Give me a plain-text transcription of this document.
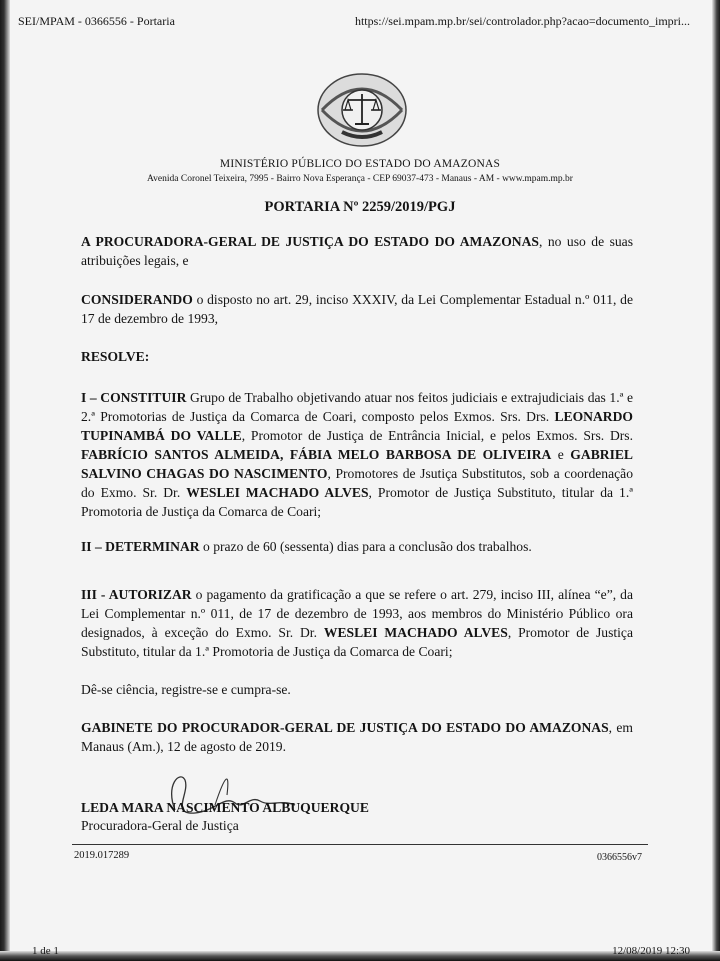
SEI/MPAM - 0366556 - Portaria	https://sei.mpam.mp.br/sei/controlador.php?acao=documento_impri...
MINISTÉRIO PÚBLICO DO ESTADO DO AMAZONAS
Avenida Coronel Teixeira, 7995 - Bairro Nova Esperança - CEP 69037-473 - Manaus - AM - www.mpam.mp.br
PORTARIA Nº 2259/2019/PGJ
A PROCURADORA-GERAL DE JUSTIÇA DO ESTADO DO AMAZONAS, no uso de suas atribuições legais, e
CONSIDERANDO o disposto no art. 29, inciso XXXIV, da Lei Complementar Estadual n.º 011, de 17 de dezembro de 1993,
RESOLVE:
I – CONSTITUIR Grupo de Trabalho objetivando atuar nos feitos judiciais e extrajudiciais das 1.ª e 2.ª Promotorias de Justiça da Comarca de Coari, composto pelos Exmos. Srs. Drs. LEONARDO TUPINAMBÁ DO VALLE, Promotor de Justiça de Entrância Inicial, e pelos Exmos. Srs. Drs. FABRÍCIO SANTOS ALMEIDA, FÁBIA MELO BARBOSA DE OLIVEIRA e GABRIEL SALVINO CHAGAS DO NASCIMENTO, Promotores de Jsutiça Substitutos, sob a coordenação do Exmo. Sr. Dr. WESLEI MACHADO ALVES, Promotor de Justiça Substituto, titular da 1.ª Promotoria de Justiça da Comarca de Coari;
II – DETERMINAR o prazo de 60 (sessenta) dias para a conclusão dos trabalhos.
III - AUTORIZAR o pagamento da gratificação a que se refere o art. 279, inciso III, alínea “e”, da Lei Complementar n.º 011, de 17 de dezembro de 1993, aos membros do Ministério Público ora designados, à exceção do Exmo. Sr. Dr. WESLEI MACHADO ALVES, Promotor de Justiça Substituto, titular da 1.ª Promotoria de Justiça da Comarca de Coari;
Dê-se ciência, registre-se e cumpra-se.
GABINETE DO PROCURADOR-GERAL DE JUSTIÇA DO ESTADO DO AMAZONAS, em Manaus (Am.), 12 de agosto de 2019.
LEDA MARA NASCIMENTO ALBUQUERQUE
Procuradora-Geral de Justiça
2019.017289	0366556v7
1 de 1	12/08/2019 12:30
